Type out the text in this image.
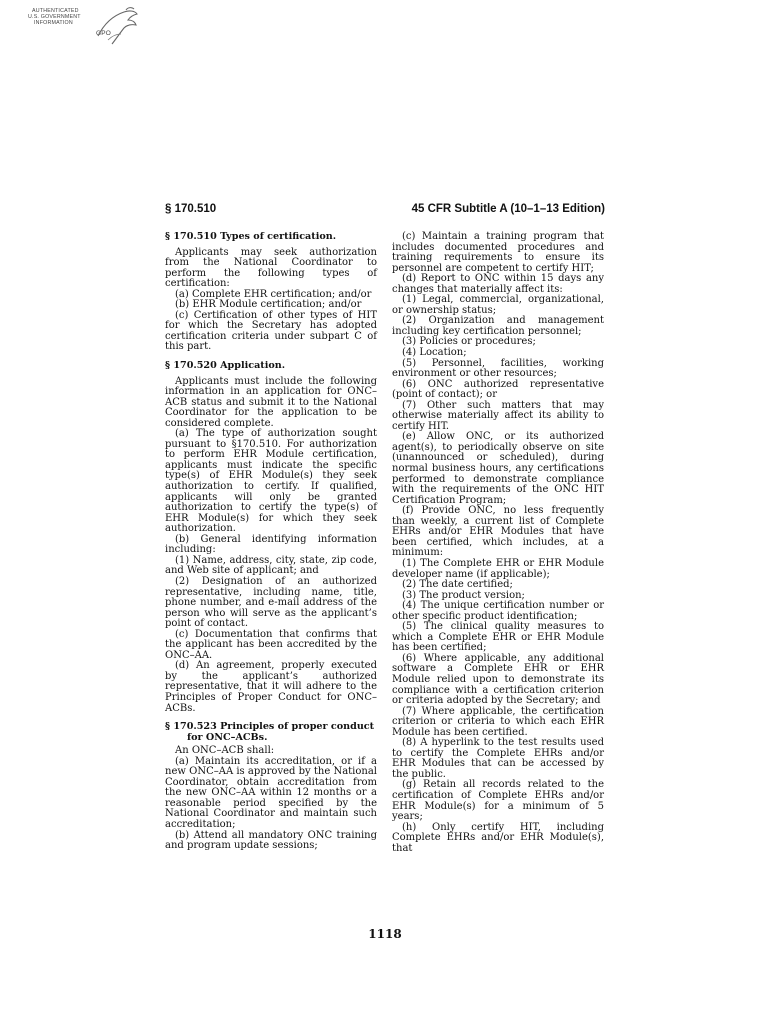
AUTHENTICATED
U.S. GOVERNMENT
INFORMATION
GPO
§ 170.510	45 CFR Subtitle A (10–1–13 Edition)
§ 170.510 Types of certification.

Applicants may seek authorization from the National Coordinator to perform the following types of certification:

(a) Complete EHR certification; and/or

(b) EHR Module certification; and/or

(c) Certification of other types of HIT for which the Secretary has adopted certification criteria under subpart C of this part.

§ 170.520 Application.

Applicants must include the following information in an application for ONC–ACB status and submit it to the National Coordinator for the application to be considered complete.

(a) The type of authorization sought pursuant to §170.510. For authorization to perform EHR Module certification, applicants must indicate the specific type(s) of EHR Module(s) they seek authorization to certify. If qualified, applicants will only be granted authorization to certify the type(s) of EHR Module(s) for which they seek authorization.

(b) General identifying information including:

(1) Name, address, city, state, zip code, and Web site of applicant; and

(2) Designation of an authorized representative, including name, title, phone number, and e-mail address of the person who will serve as the applicant’s point of contact.

(c) Documentation that confirms that the applicant has been accredited by the ONC–AA.

(d) An agreement, properly executed by the applicant’s authorized representative, that it will adhere to the Principles of Proper Conduct for ONC–ACBs.

§ 170.523 Principles of proper conduct for ONC–ACBs.

An ONC–ACB shall:

(a) Maintain its accreditation, or if a new ONC–AA is approved by the National Coordinator, obtain accreditation from the new ONC–AA within 12 months or a reasonable period specified by the National Coordinator and maintain such accreditation;

(b) Attend all mandatory ONC training and program update sessions;

(c) Maintain a training program that includes documented procedures and training requirements to ensure its personnel are competent to certify HIT;

(d) Report to ONC within 15 days any changes that materially affect its:

(1) Legal, commercial, organizational, or ownership status;

(2) Organization and management including key certification personnel;

(3) Policies or procedures;

(4) Location;

(5) Personnel, facilities, working environment or other resources;

(6) ONC authorized representative (point of contact); or

(7) Other such matters that may otherwise materially affect its ability to certify HIT.

(e) Allow ONC, or its authorized agent(s), to periodically observe on site (unannounced or scheduled), during normal business hours, any certifications performed to demonstrate compliance with the requirements of the ONC HIT Certification Program;

(f) Provide ONC, no less frequently than weekly, a current list of Complete EHRs and/or EHR Modules that have been certified, which includes, at a minimum:

(1) The Complete EHR or EHR Module developer name (if applicable);

(2) The date certified;

(3) The product version;

(4) The unique certification number or other specific product identification;

(5) The clinical quality measures to which a Complete EHR or EHR Module has been certified;

(6) Where applicable, any additional software a Complete EHR or EHR Module relied upon to demonstrate its compliance with a certification criterion or criteria adopted by the Secretary; and

(7) Where applicable, the certification criterion or criteria to which each EHR Module has been certified.

(8) A hyperlink to the test results used to certify the Complete EHRs and/or EHR Modules that can be accessed by the public.

(g) Retain all records related to the certification of Complete EHRs and/or EHR Module(s) for a minimum of 5 years;

(h) Only certify HIT, including Complete EHRs and/or EHR Module(s), that

1118
